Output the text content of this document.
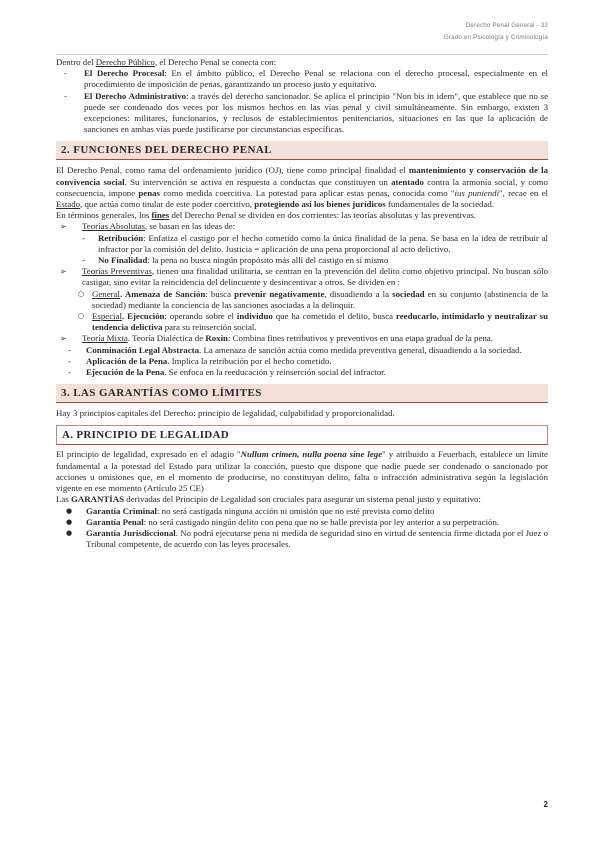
Derecho Penal General - 33
Grado en Psicología y Criminología

Dentro del Derecho Público, el Derecho Penal se conecta con:

-	El Derecho Procesal: En el ámbito público, el Derecho Penal se relaciona con el derecho procesal, especialmente en el procedimiento de imposición de penas, garantizando un proceso justo y equitativo.
-	El Derecho Administrativo: a través del derecho sancionador. Se aplica el principio "Non bis in idem", que establece que no se puede ser condenado dos veces por los mismos hechos en las vías penal y civil simultáneamente. Sin embargo, existen 3 excepciones: militares, funcionarios, y reclusos de establecimientos penitenciarios, situaciones en las que la aplicación de sanciones en ambas vías puede justificarse por circunstancias específicas.
2. FUNCIONES DEL DERECHO PENAL

El Derecho Penal, como rama del ordenamiento jurídico (OJ), tiene como principal finalidad el mantenimiento y conservación de la convivencia social. Su intervención se activa en respuesta a conductas que constituyen un atentado contra la armonía social, y como consecuencia, impone penas como medida coercitiva. La potestad para aplicar estas penas, conocida como "ius puniendi", recae en el Estado, que actúa como titular de este poder coercitivo, protegiendo así los bienes jurídicos fundamentales de la sociedad.

En términos generales, los fines del Derecho Penal se dividen en dos corrientes: las teorías absolutas y las preventivas.

➢	Teorías Absolutas, se basan en las ideas de:
-	Retribución: Enfatiza el castigo por el hecho cometido como la única finalidad de la pena. Se basa en la idea de retribuir al infractor por la comisión del delito. Justicia = aplicación de una pena proporcional al acto delictivo.
-	No Finalidad: la pena no busca ningún propósito más allí del castigo en sí mismo
➢	Teorías Preventivas, tienen una finalidad utilitaria, se centran en la prevención del delito como objetivo principal. No buscan sólo castigar, sino evitar la reincidencia del delincuente y desincentivar a otros. Se dividen en :
○ General. Amenaza de Sanción: busca prevenir negativamente, disuadiendo a la sociedad en su conjunto (abstinencia de la sociedad) mediante la conciencia de las sanciones asociadas a la delinquir.
○ Especial. Ejecución: operando sobre el individuo que ha cometido el delito, busca reeducarlo, intimidarlo y neutralizar su tendencia delictiva para su reinserción social.
➢	Teoría Mixta. Teoría Dialéctica de Roxin: Combina fines retributivos y preventivos en una etapa gradual de la pena.
-	Conminación Legal Abstracta. La amenaza de sanción actúa como medida preventiva general, disuadiendo a la sociedad.
-	Aplicación de la Pena. Implica la retribución por el hecho cometido.
-	Ejecución de la Pena. Se enfoca en la reeducación y reinserción social del infractor.
3. LAS GARANTÍAS COMO LÍMITES

Hay 3 principios capitales del Derecho: principio de legalidad, culpabilidad y proporcionalidad.

A. PRINCIPIO DE LEGALIDAD

El principio de legalidad, expresado en el adagio "Nullum crimen, nulla poena sine lege" y atribuido a Feuerbach, establece un límite fundamental a la potestad del Estado para utilizar la coacción, puesto que dispone que nadie puede ser condenado o sancionado por acciones u omisiones que, en el momento de producirse, no constituyan delito, falta o infracción administrativa según la legislación vigente en ese momento (Artículo 25 CE)

Las GARANTÍAS derivadas del Principio de Legalidad son cruciales para asegurar un sistema penal justo y equitativo:

●	Garantía Criminal: no será castigada ninguna acción ni omisión que no esté prevista como delito
●	Garantía Penal: no será castigado ningún delito con pena que no se halle prevista por ley anterior a su perpetración.
●	Garantía Jurisdiccional. No podrá ejecutarse pena ni medida de seguridad sino en virtud de sentencia firme dictada por el Juez o Tribunal competente, de acuerdo con las leyes procesales.
2
